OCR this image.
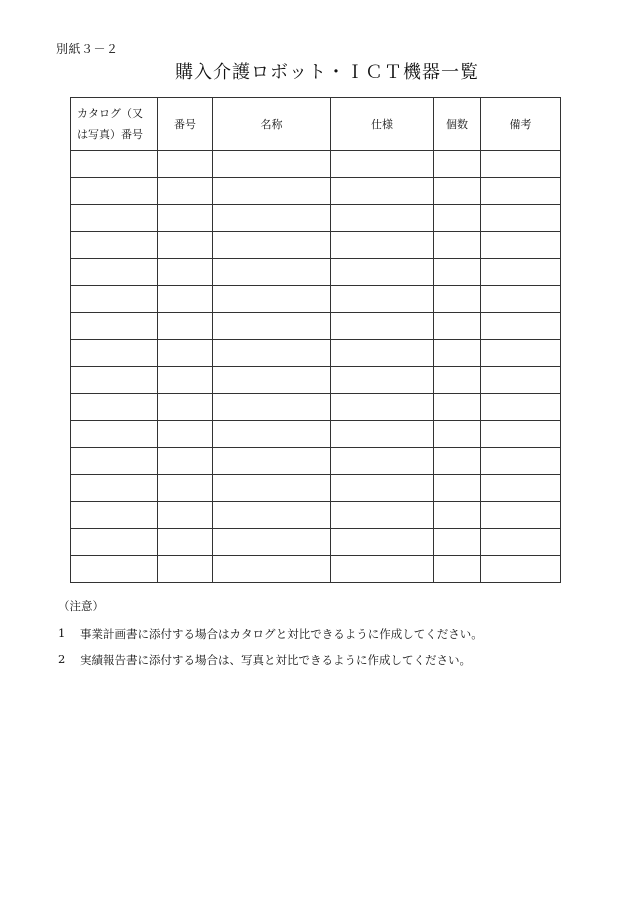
別紙３－２
購入介護ロボット・ＩＣＴ機器一覧
カタログ（又
は写真）番号	番号	名称	仕様	個数	備考

（注意）
1	事業計画書に添付する場合はカタログと対比できるように作成してください。
2	実績報告書に添付する場合は、写真と対比できるように作成してください。
